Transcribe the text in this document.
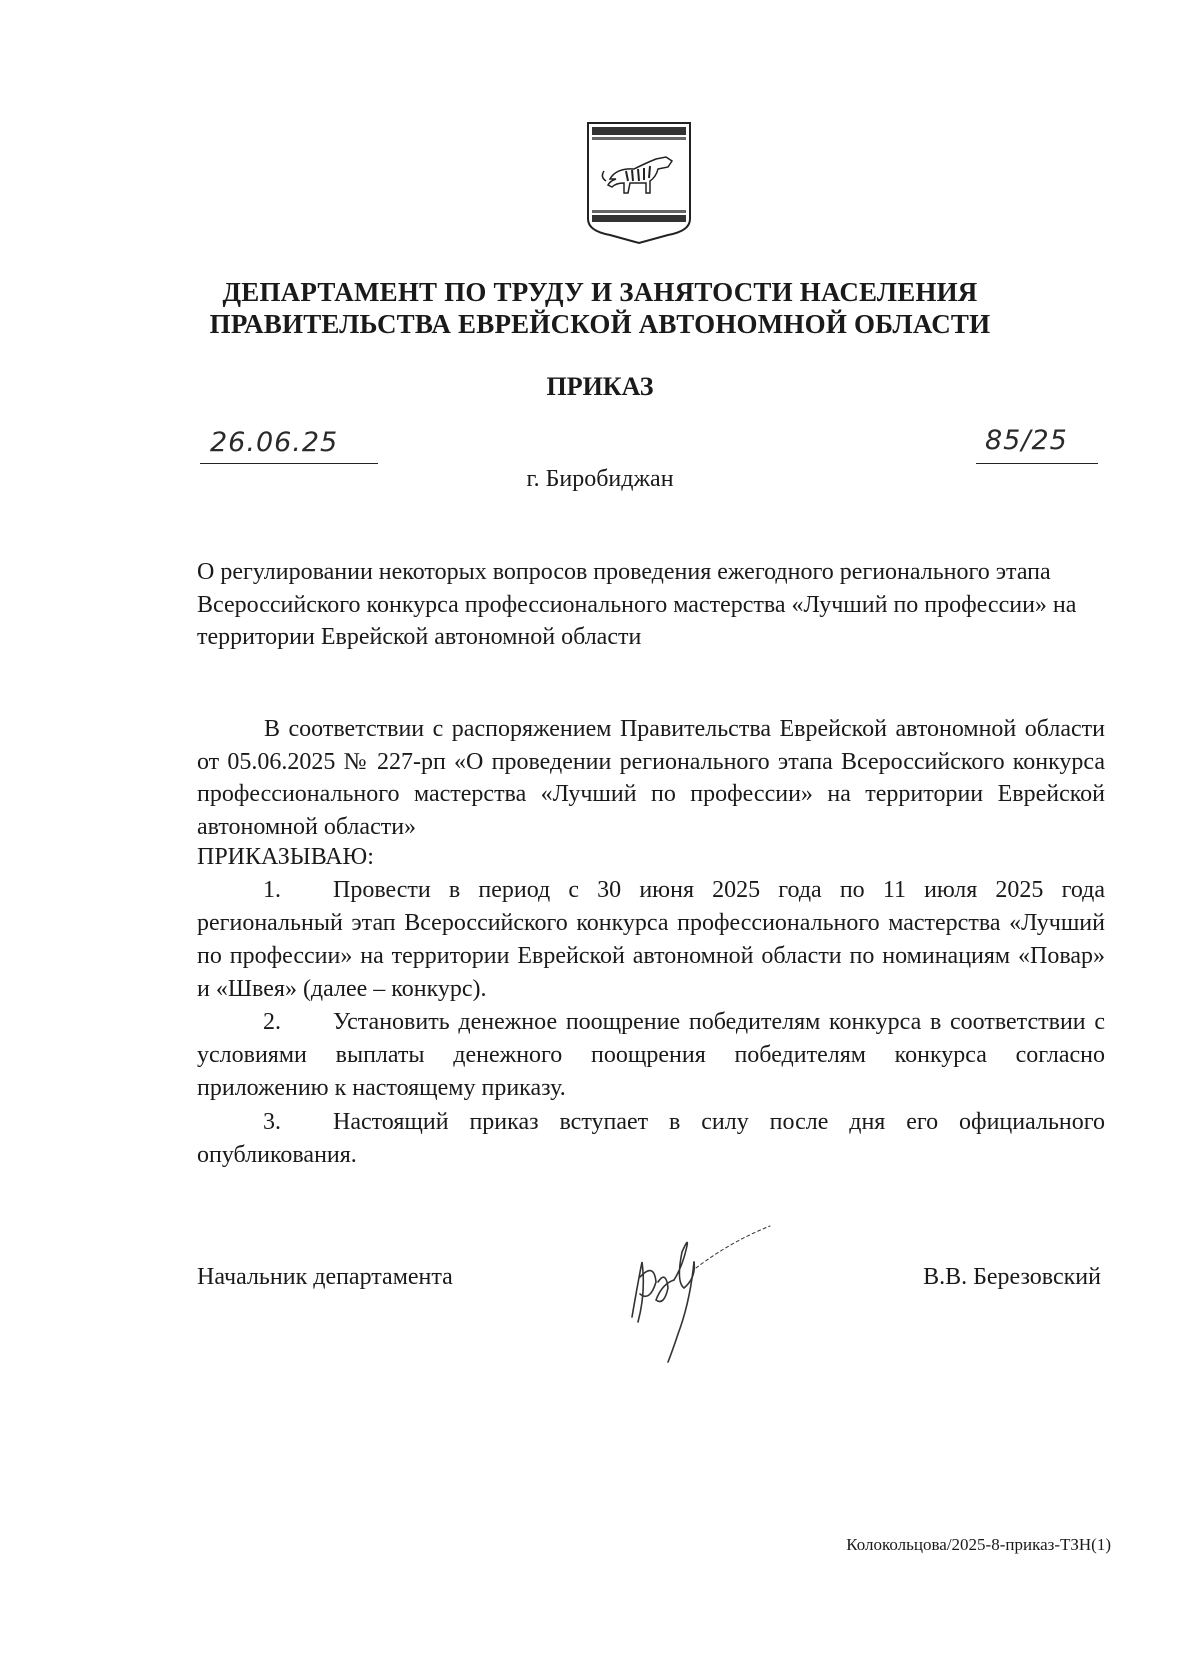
ДЕПАРТАМЕНТ ПО ТРУДУ И ЗАНЯТОСТИ НАСЕЛЕНИЯ
ПРАВИТЕЛЬСТВА ЕВРЕЙСКОЙ АВТОНОМНОЙ ОБЛАСТИ
ПРИКАЗ
26.06.25	85/25
г. Биробиджан
О регулировании некоторых вопросов проведения ежегодного регионального этапа Всероссийского конкурса профессионального мастерства «Лучший по профессии» на территории Еврейской автономной области
В соответствии с распоряжением Правительства Еврейской автономной области от 05.06.2025 № 227-рп «О проведении регионального этапа Всероссийского конкурса профессионального мастерства «Лучший по профессии» на территории Еврейской автономной области»
ПРИКАЗЫВАЮ:
1. Провести в период с 30 июня 2025 года по 11 июля 2025 года региональный этап Всероссийского конкурса профессионального мастерства «Лучший по профессии» на территории Еврейской автономной области по номинациям «Повар» и «Швея» (далее – конкурс).
2. Установить денежное поощрение победителям конкурса в соответствии с условиями выплаты денежного поощрения победителям конкурса согласно приложению к настоящему приказу.
3. Настоящий приказ вступает в силу после дня его официального опубликования.
Начальник департамента	В.В. Березовский
Колокольцова/2025-8-приказ-ТЗН(1)
